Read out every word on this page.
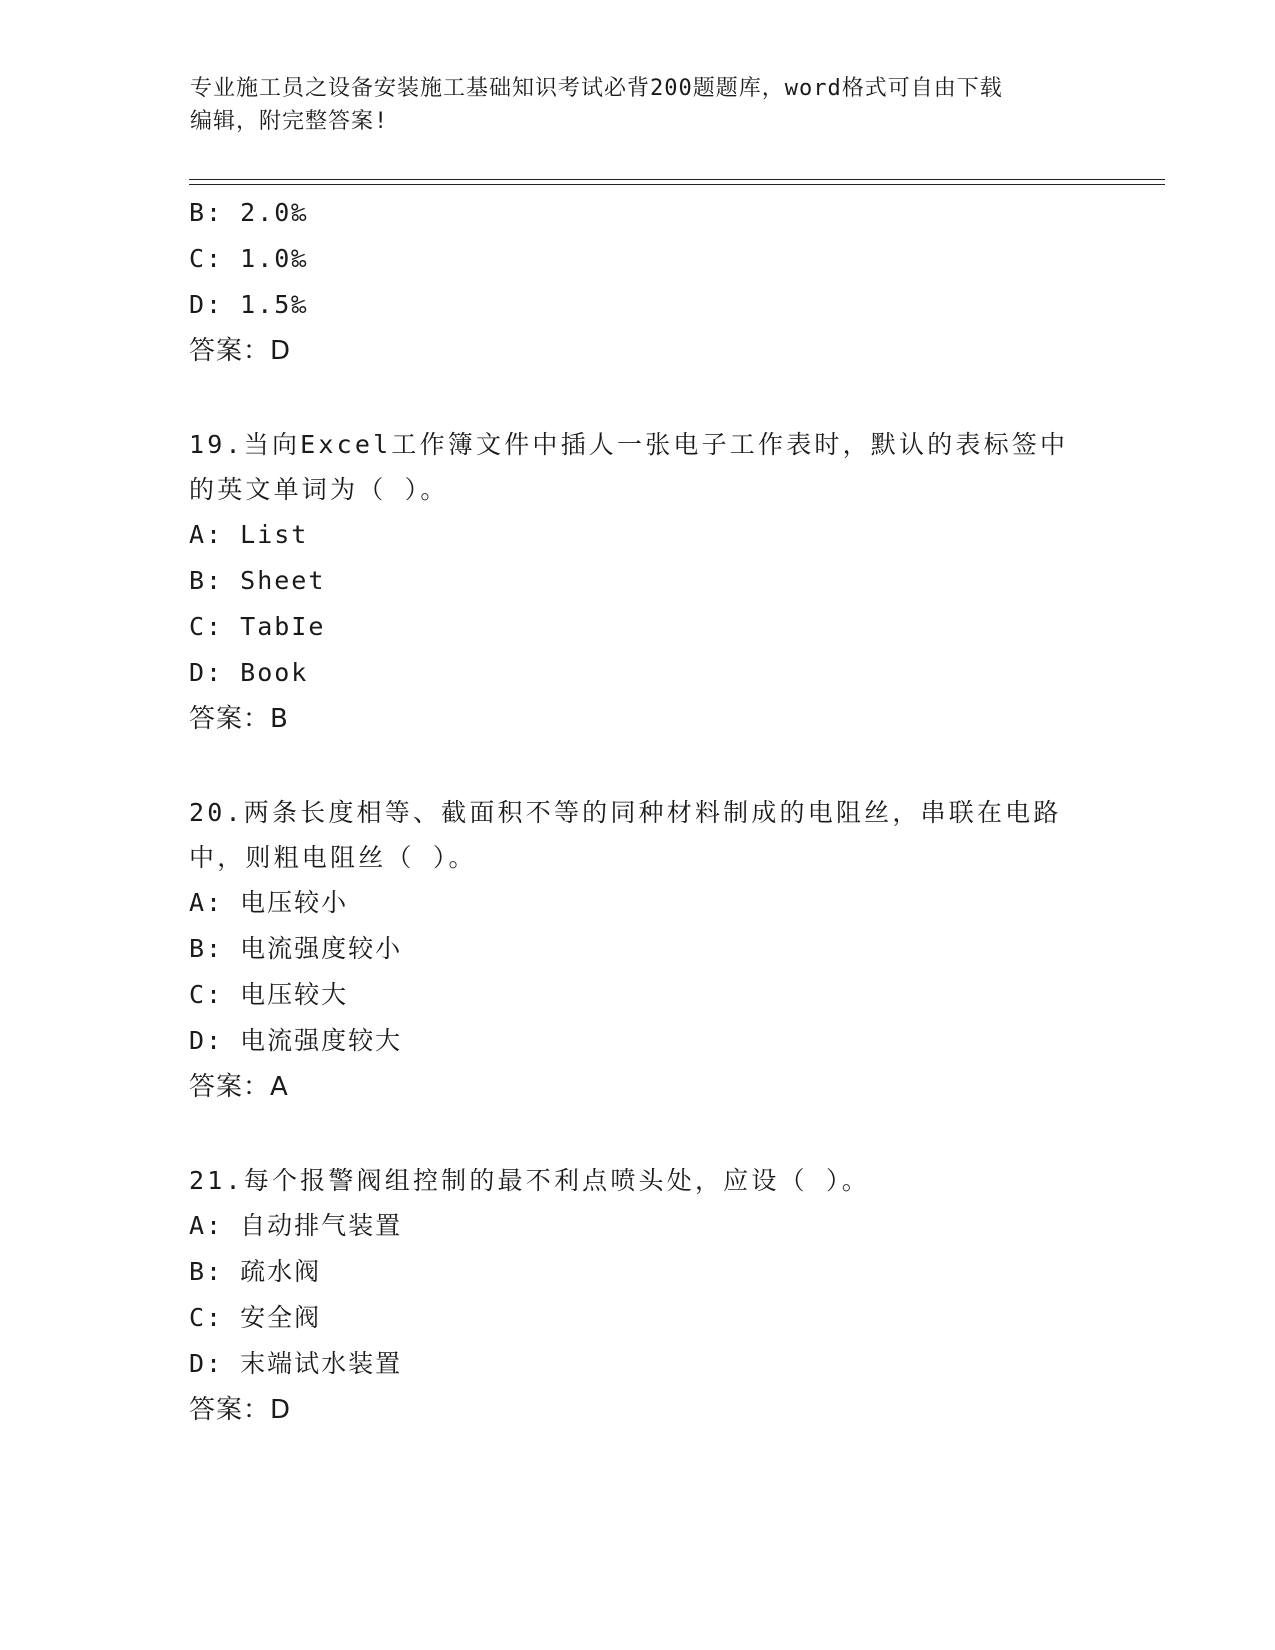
专业施工员之设备安装施工基础知识考试必背200题题库，word格式可自由下载
编辑，附完整答案!
B: 2.0‰
C: 1.0‰
D: 1.5‰
答案：D
19.当向Excel工作簿文件中插人一张电子工作表时，默认的表标签中
的英文单词为（ ）。
A: List
B: Sheet
C: TabIe
D: Book
答案：B
20.两条长度相等、截面积不等的同种材料制成的电阻丝，串联在电路
中，则粗电阻丝（ ）。
A: 电压较小
B: 电流强度较小
C: 电压较大
D: 电流强度较大
答案：A
21.每个报警阀组控制的最不利点喷头处，应设（ ）。
A: 自动排气装置
B: 疏水阀
C: 安全阀
D: 末端试水装置
答案：D
